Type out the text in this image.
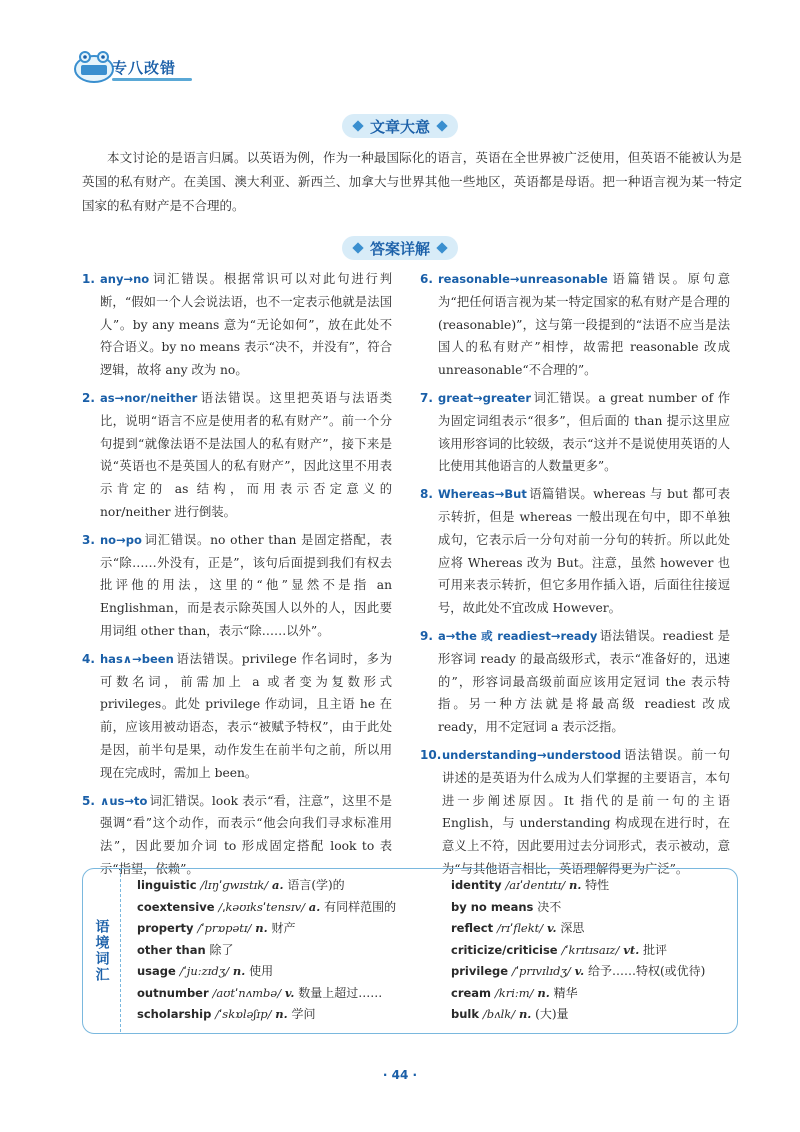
专八改错
文章大意

本文讨论的是语言归属。以英语为例，作为一种最国际化的语言，英语在全世界被广泛使用，但英语不能被认为是英国的私有财产。在美国、澳大利亚、新西兰、加拿大与世界其他一些地区，英语都是母语。把一种语言视为某一特定国家的私有财产是不合理的。

答案详解
1. any→no 词汇错误。根据常识可以对此句进行判断，“假如一个人会说法语，也不一定表示他就是法国人”。by any means 意为“无论如何”，放在此处不符合语义。by no means 表示“决不，并没有”，符合逻辑，故将 any 改为 no。
2. as→nor/neither 语法错误。这里把英语与法语类比，说明“语言不应是使用者的私有财产”。前一个分句提到“就像法语不是法国人的私有财产”，接下来是说“英语也不是英国人的私有财产”，因此这里不用表示肯定的 as 结构，而用表示否定意义的 nor/neither 进行倒装。
3. no→po 词汇错误。no other than 是固定搭配，表示“除……外没有，正是”，该句后面提到我们有权去批评他的用法，这里的“他”显然不是指 an Englishman，而是表示除英国人以外的人，因此要用词组 other than，表示“除……以外”。
4. has∧→been 语法错误。privilege 作名词时，多为可数名词，前需加上 a 或者变为复数形式 privileges。此处 privilege 作动词，且主语 he 在前，应该用被动语态，表示“被赋予特权”，由于此处是因，前半句是果，动作发生在前半句之前，所以用现在完成时，需加上 been。
5. ∧us→to 词汇错误。look 表示“看，注意”，这里不是强调“看”这个动作，而表示“他会向我们寻求标准用法”，因此要加介词 to 形成固定搭配 look to 表示“指望，依赖”。
6. reasonable→unreasonable 语篇错误。原句意为“把任何语言视为某一特定国家的私有财产是合理的(reasonable)”，这与第一段提到的“法语不应当是法国人的私有财产”相悖，故需把 reasonable 改成 unreasonable“不合理的”。
7. great→greater 词汇错误。a great number of 作为固定词组表示“很多”，但后面的 than 提示这里应该用形容词的比较级，表示“这并不是说使用英语的人比使用其他语言的人数量更多”。
8. Whereas→But 语篇错误。whereas 与 but 都可表示转折，但是 whereas 一般出现在句中，即不单独成句，它表示后一分句对前一分句的转折。所以此处应将 Whereas 改为 But。注意，虽然 however 也可用来表示转折，但它多用作插入语，后面往往接逗号，故此处不宜改成 However。
9. a→the 或 readiest→ready 语法错误。readiest 是形容词 ready 的最高级形式，表示“准备好的，迅速的”，形容词最高级前面应该用定冠词 the 表示特指。另一种方法就是将最高级 readiest 改成 ready，用不定冠词 a 表示泛指。
10. understanding→understood 语法错误。前一句讲述的是英语为什么成为人们掌握的主要语言，本句进一步阐述原因。It 指代的是前一句的主语 English，与 understanding 构成现在进行时，在意义上不符，因此要用过去分词形式，表示被动，意为“与其他语言相比，英语理解得更为广泛”。
语境词汇
linguistic /lɪŋˈɡwɪstɪk/ a. 语言(学)的
coextensive /ˌkəʊɪksˈtensɪv/ a. 有同样范围的
property /ˈprɒpətɪ/ n. 财产
other than 除了
usage /ˈjuːzɪdʒ/ n. 使用
outnumber /aʊtˈnʌmbə/ v. 数量上超过……
scholarship /ˈskɒləʃɪp/ n. 学问
identity /aɪˈdentɪtɪ/ n. 特性
by no means 决不
reflect /rɪˈflekt/ v. 深思
criticize/criticise /ˈkrɪtɪsaɪz/ vt. 批评
privilege /ˈprɪvɪlɪdʒ/ v. 给予……特权(或优待)
cream /kriːm/ n. 精华
bulk /bʌlk/ n. (大)量
· 44 ·
